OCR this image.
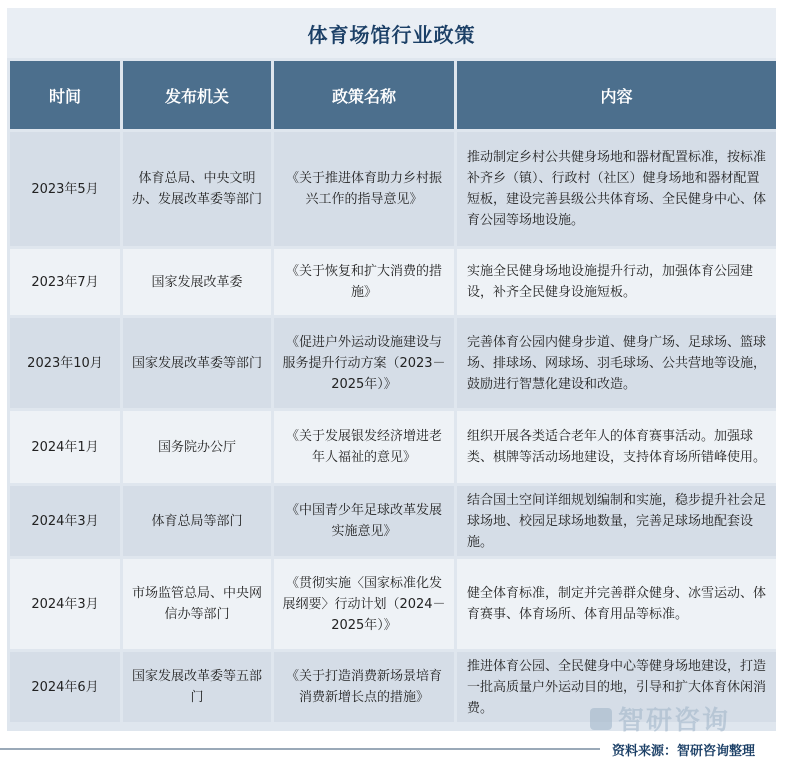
体育场馆行业政策
时间	发布机关	政策名称	内容
2023年5月	体育总局、中央文明办、发展改革委等部门	《关于推进体育助力乡村振兴工作的指导意见》	推动制定乡村公共健身场地和器材配置标准，按标准补齐乡（镇）、行政村（社区）健身场地和器材配置短板，建设完善县级公共体育场、全民健身中心、体育公园等场地设施。
2023年7月	国家发展改革委	《关于恢复和扩大消费的措施》	实施全民健身场地设施提升行动，加强体育公园建设，补齐全民健身设施短板。
2023年10月	国家发展改革委等部门	《促进户外运动设施建设与服务提升行动方案（2023－2025年）》	完善体育公园内健身步道、健身广场、足球场、篮球场、排球场、网球场、羽毛球场、公共营地等设施，鼓励进行智慧化建设和改造。
2024年1月	国务院办公厅	《关于发展银发经济增进老年人福祉的意见》	组织开展各类适合老年人的体育赛事活动。加强球类、棋牌等活动场地建设，支持体育场所错峰使用。
2024年3月	体育总局等部门	《中国青少年足球改革发展实施意见》	结合国土空间详细规划编制和实施，稳步提升社会足球场地、校园足球场地数量，完善足球场地配套设施。
2024年3月	市场监管总局、中央网信办等部门	《贯彻实施〈国家标准化发展纲要〉行动计划（2024－2025年）》	健全体育标准，制定并完善群众健身、冰雪运动、体育赛事、体育场所、体育用品等标准。
2024年6月	国家发展改革委等五部门	《关于打造消费新场景培育消费新增长点的措施》	推进体育公园、全民健身中心等健身场地建设，打造一批高质量户外运动目的地，引导和扩大体育休闲消费。	智研咨询
资料来源：智研咨询整理
